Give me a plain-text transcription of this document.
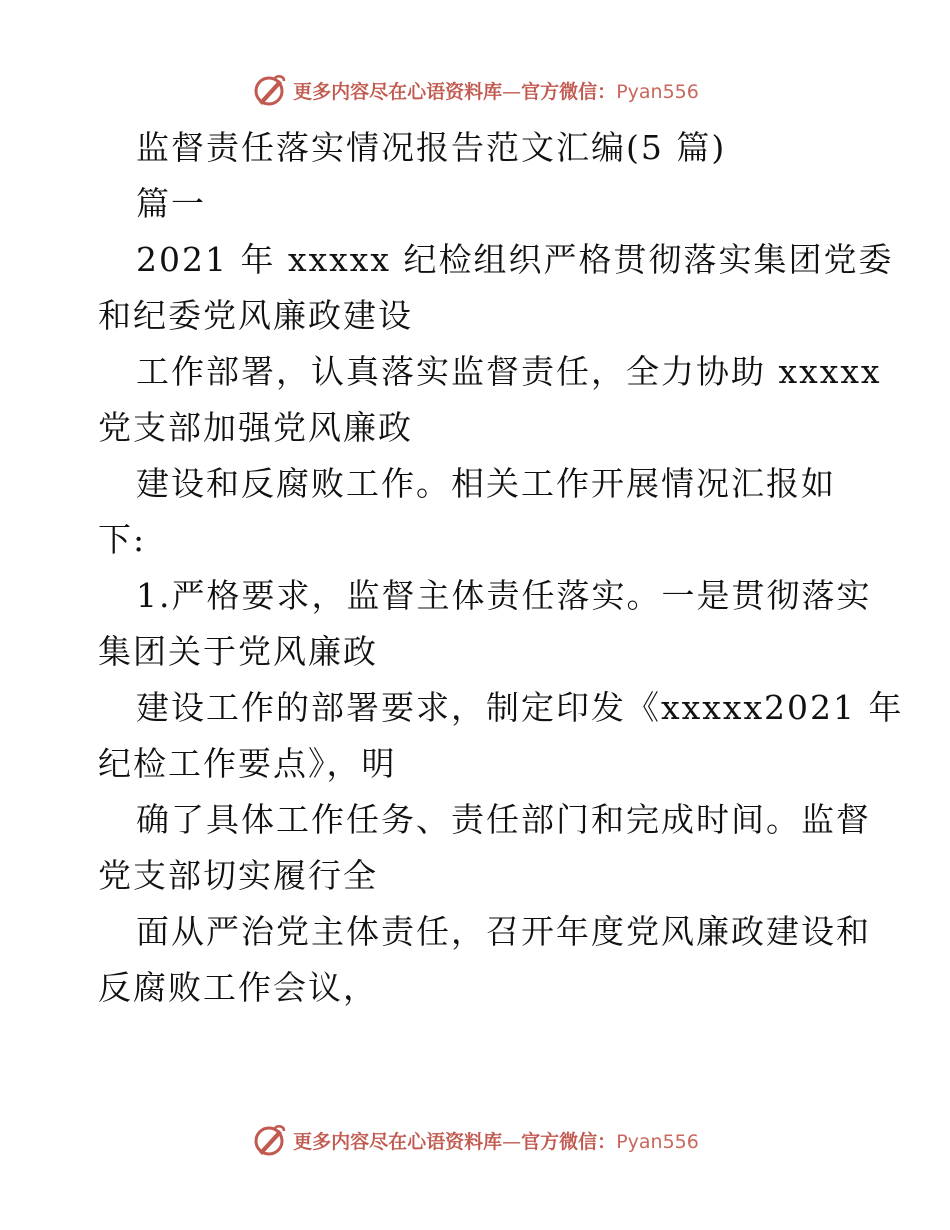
更多内容尽在心语资料库—官方微信：Pyan556
监督责任落实情况报告范文汇编(5 篇)
篇一
2021 年 xxxxx 纪检组织严格贯彻落实集团党委
和纪委党风廉政建设
工作部署，认真落实监督责任，全力协助 xxxxx
党支部加强党风廉政
建设和反腐败工作。相关工作开展情况汇报如
下:
1.严格要求，监督主体责任落实。一是贯彻落实
集团关于党风廉政
建设工作的部署要求，制定印发《xxxxx2021 年
纪检工作要点》，明
确了具体工作任务、责任部门和完成时间。监督
党支部切实履行全
面从严治党主体责任，召开年度党风廉政建设和
反腐败工作会议，
更多内容尽在心语资料库—官方微信：Pyan556
